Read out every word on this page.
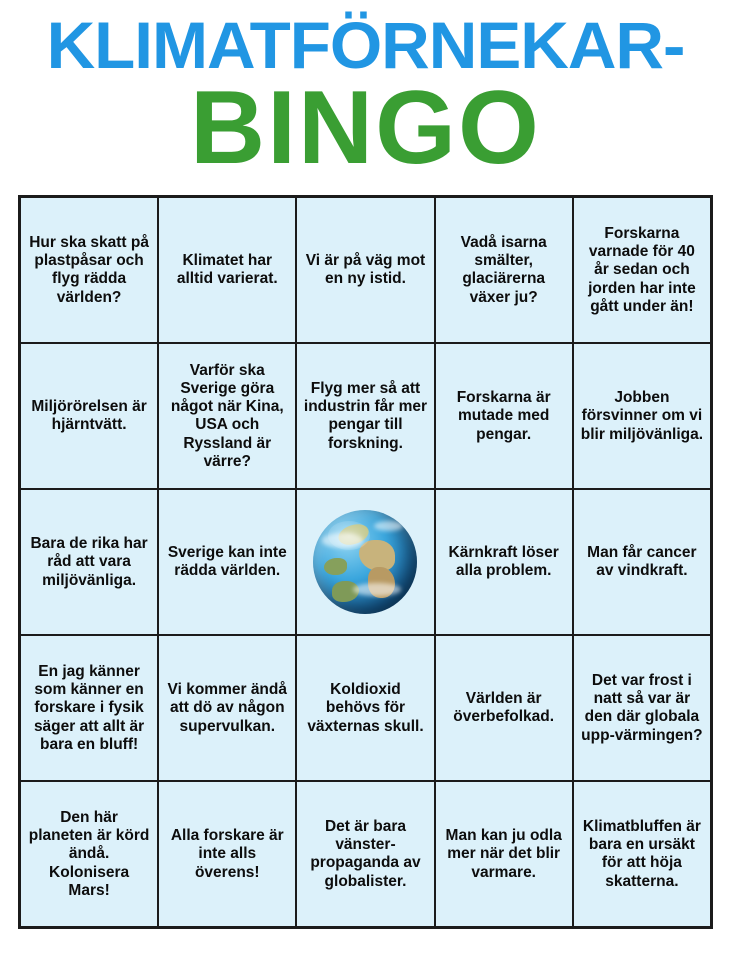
KLIMATFÖRNEKAR-
BINGO
Hur ska skatt på plastpåsar och flyg rädda världen?	Klimatet har alltid varierat.	Vi är på väg mot en ny istid.	Vadå isarna smälter, glaciärerna växer ju?	Forskarna varnade för 40 år sedan och jorden har inte gått under än!
Miljörörelsen är hjärntvätt.	Varför ska Sverige göra något när Kina, USA och Ryssland är värre?	Flyg mer så att industrin får mer pengar till forskning.	Forskarna är mutade med pengar.	Jobben försvinner om vi blir miljövänliga.
Bara de rika har råd att vara miljövänliga.	Sverige kan inte rädda världen.		Kärnkraft löser alla problem.	Man får cancer av vindkraft.
En jag känner som känner en forskare i fysik säger att allt är bara en bluff!	Vi kommer ändå att dö av någon supervulkan.	Koldioxid behövs för växternas skull.	Världen är överbefolkad.	Det var frost i natt så var är den där globala upp-värmingen?
Den här planeten är körd ändå. Kolonisera Mars!	Alla forskare är inte alls överens!	Det är bara vänster-propaganda av globalister.	Man kan ju odla mer när det blir varmare.	Klimatbluffen är bara en ursäkt för att höja skatterna.
